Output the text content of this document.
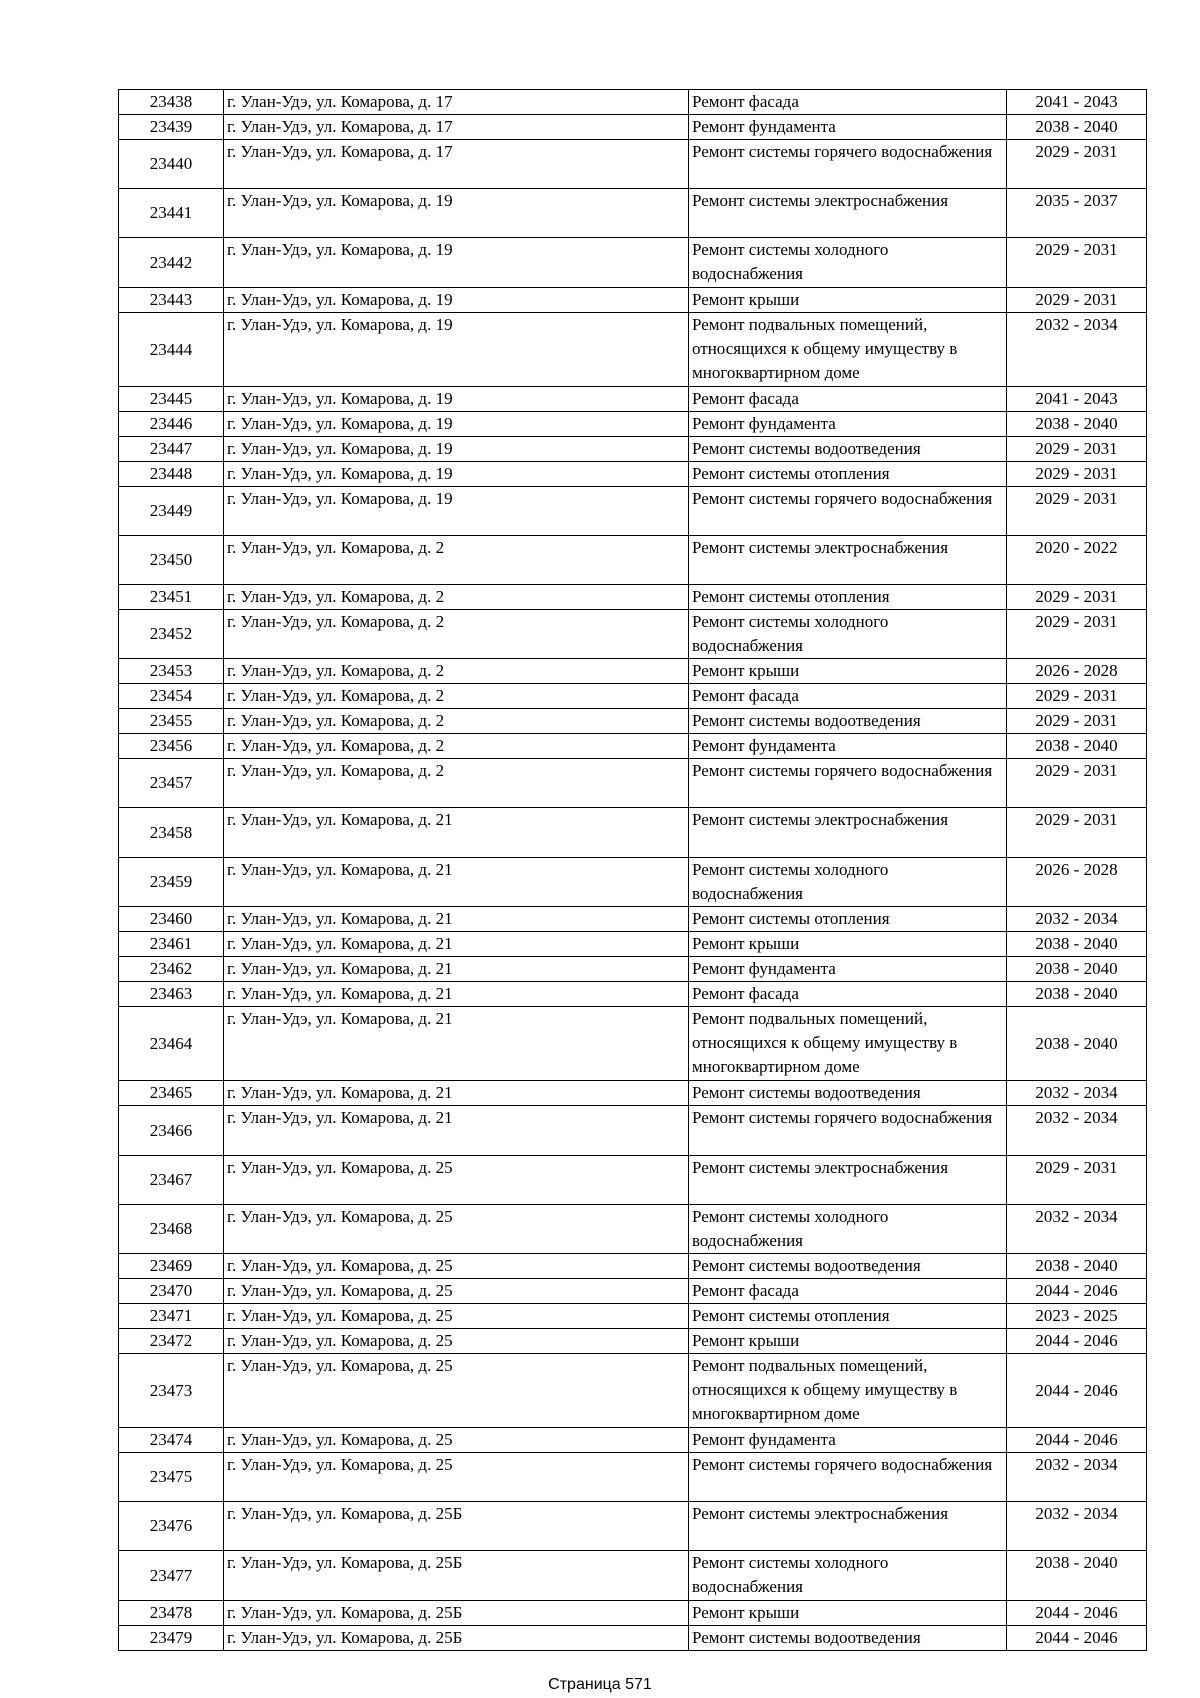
23438	г. Улан-Удэ, ул. Комарова, д. 17	Ремонт фасада	2041 - 2043
23439	г. Улан-Удэ, ул. Комарова, д. 17	Ремонт фундамента	2038 - 2040
23440	г. Улан-Удэ, ул. Комарова, д. 17	Ремонт системы горячего водоснабжения	2029 - 2031
23441	г. Улан-Удэ, ул. Комарова, д. 19	Ремонт системы электроснабжения	2035 - 2037
23442	г. Улан-Удэ, ул. Комарова, д. 19	Ремонт системы холодного водоснабжения	2029 - 2031
23443	г. Улан-Удэ, ул. Комарова, д. 19	Ремонт крыши	2029 - 2031
23444	г. Улан-Удэ, ул. Комарова, д. 19	Ремонт подвальных помещений, относящихся к общему имуществу в многоквартирном доме	2032 - 2034
23445	г. Улан-Удэ, ул. Комарова, д. 19	Ремонт фасада	2041 - 2043
23446	г. Улан-Удэ, ул. Комарова, д. 19	Ремонт фундамента	2038 - 2040
23447	г. Улан-Удэ, ул. Комарова, д. 19	Ремонт системы водоотведения	2029 - 2031
23448	г. Улан-Удэ, ул. Комарова, д. 19	Ремонт системы отопления	2029 - 2031
23449	г. Улан-Удэ, ул. Комарова, д. 19	Ремонт системы горячего водоснабжения	2029 - 2031
23450	г. Улан-Удэ, ул. Комарова, д. 2	Ремонт системы электроснабжения	2020 - 2022
23451	г. Улан-Удэ, ул. Комарова, д. 2	Ремонт системы отопления	2029 - 2031
23452	г. Улан-Удэ, ул. Комарова, д. 2	Ремонт системы холодного водоснабжения	2029 - 2031
23453	г. Улан-Удэ, ул. Комарова, д. 2	Ремонт крыши	2026 - 2028
23454	г. Улан-Удэ, ул. Комарова, д. 2	Ремонт фасада	2029 - 2031
23455	г. Улан-Удэ, ул. Комарова, д. 2	Ремонт системы водоотведения	2029 - 2031
23456	г. Улан-Удэ, ул. Комарова, д. 2	Ремонт фундамента	2038 - 2040
23457	г. Улан-Удэ, ул. Комарова, д. 2	Ремонт системы горячего водоснабжения	2029 - 2031
23458	г. Улан-Удэ, ул. Комарова, д. 21	Ремонт системы электроснабжения	2029 - 2031
23459	г. Улан-Удэ, ул. Комарова, д. 21	Ремонт системы холодного водоснабжения	2026 - 2028
23460	г. Улан-Удэ, ул. Комарова, д. 21	Ремонт системы отопления	2032 - 2034
23461	г. Улан-Удэ, ул. Комарова, д. 21	Ремонт крыши	2038 - 2040
23462	г. Улан-Удэ, ул. Комарова, д. 21	Ремонт фундамента	2038 - 2040
23463	г. Улан-Удэ, ул. Комарова, д. 21	Ремонт фасада	2038 - 2040
23464	г. Улан-Удэ, ул. Комарова, д. 21	Ремонт подвальных помещений, относящихся к общему имуществу в многоквартирном доме	2038 - 2040
23465	г. Улан-Удэ, ул. Комарова, д. 21	Ремонт системы водоотведения	2032 - 2034
23466	г. Улан-Удэ, ул. Комарова, д. 21	Ремонт системы горячего водоснабжения	2032 - 2034
23467	г. Улан-Удэ, ул. Комарова, д. 25	Ремонт системы электроснабжения	2029 - 2031
23468	г. Улан-Удэ, ул. Комарова, д. 25	Ремонт системы холодного водоснабжения	2032 - 2034
23469	г. Улан-Удэ, ул. Комарова, д. 25	Ремонт системы водоотведения	2038 - 2040
23470	г. Улан-Удэ, ул. Комарова, д. 25	Ремонт фасада	2044 - 2046
23471	г. Улан-Удэ, ул. Комарова, д. 25	Ремонт системы отопления	2023 - 2025
23472	г. Улан-Удэ, ул. Комарова, д. 25	Ремонт крыши	2044 - 2046
23473	г. Улан-Удэ, ул. Комарова, д. 25	Ремонт подвальных помещений, относящихся к общему имуществу в многоквартирном доме	2044 - 2046
23474	г. Улан-Удэ, ул. Комарова, д. 25	Ремонт фундамента	2044 - 2046
23475	г. Улан-Удэ, ул. Комарова, д. 25	Ремонт системы горячего водоснабжения	2032 - 2034
23476	г. Улан-Удэ, ул. Комарова, д. 25Б	Ремонт системы электроснабжения	2032 - 2034
23477	г. Улан-Удэ, ул. Комарова, д. 25Б	Ремонт системы холодного водоснабжения	2038 - 2040
23478	г. Улан-Удэ, ул. Комарова, д. 25Б	Ремонт крыши	2044 - 2046
23479	г. Улан-Удэ, ул. Комарова, д. 25Б	Ремонт системы водоотведения	2044 - 2046
Страница 571
